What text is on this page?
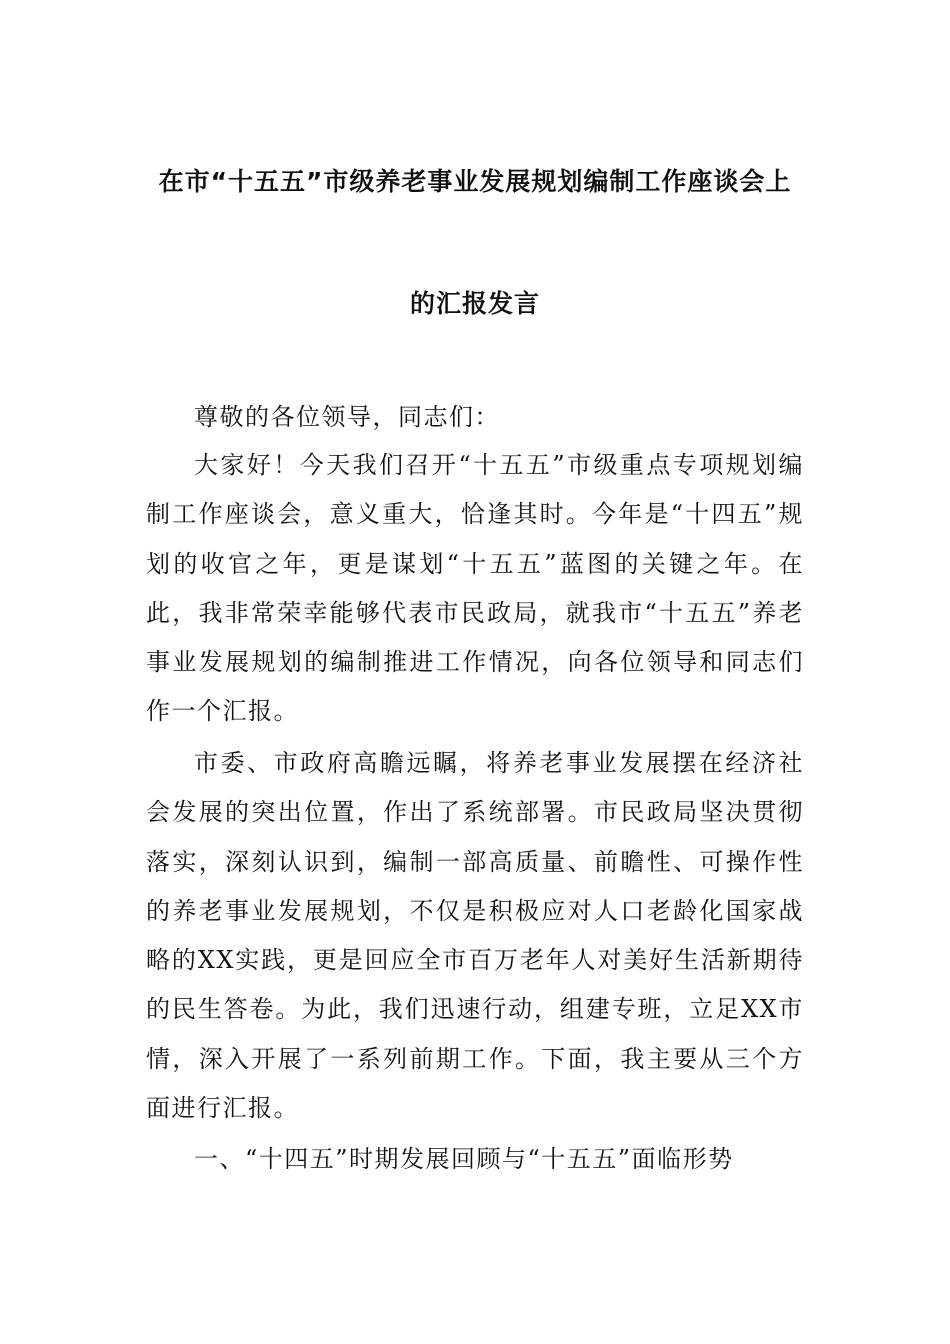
在市“十五五”市级养老事业发展规划编制工作座谈会上
的汇报发言

尊敬的各位领导，同志们：

大家好！今天我们召开“十五五”市级重点专项规划编制工作座谈会，意义重大，恰逢其时。今年是“十四五”规划的收官之年，更是谋划“十五五”蓝图的关键之年。在此，我非常荣幸能够代表市民政局，就我市“十五五”养老事业发展规划的编制推进工作情况，向各位领导和同志们作一个汇报。

市委、市政府高瞻远瞩，将养老事业发展摆在经济社会发展的突出位置，作出了系统部署。市民政局坚决贯彻落实，深刻认识到，编制一部高质量、前瞻性、可操作性的养老事业发展规划，不仅是积极应对人口老龄化国家战略的XX实践，更是回应全市百万老年人对美好生活新期待的民生答卷。为此，我们迅速行动，组建专班，立足XX市情，深入开展了一系列前期工作。下面，我主要从三个方面进行汇报。

一、“十四五”时期发展回顾与“十五五”面临形势
